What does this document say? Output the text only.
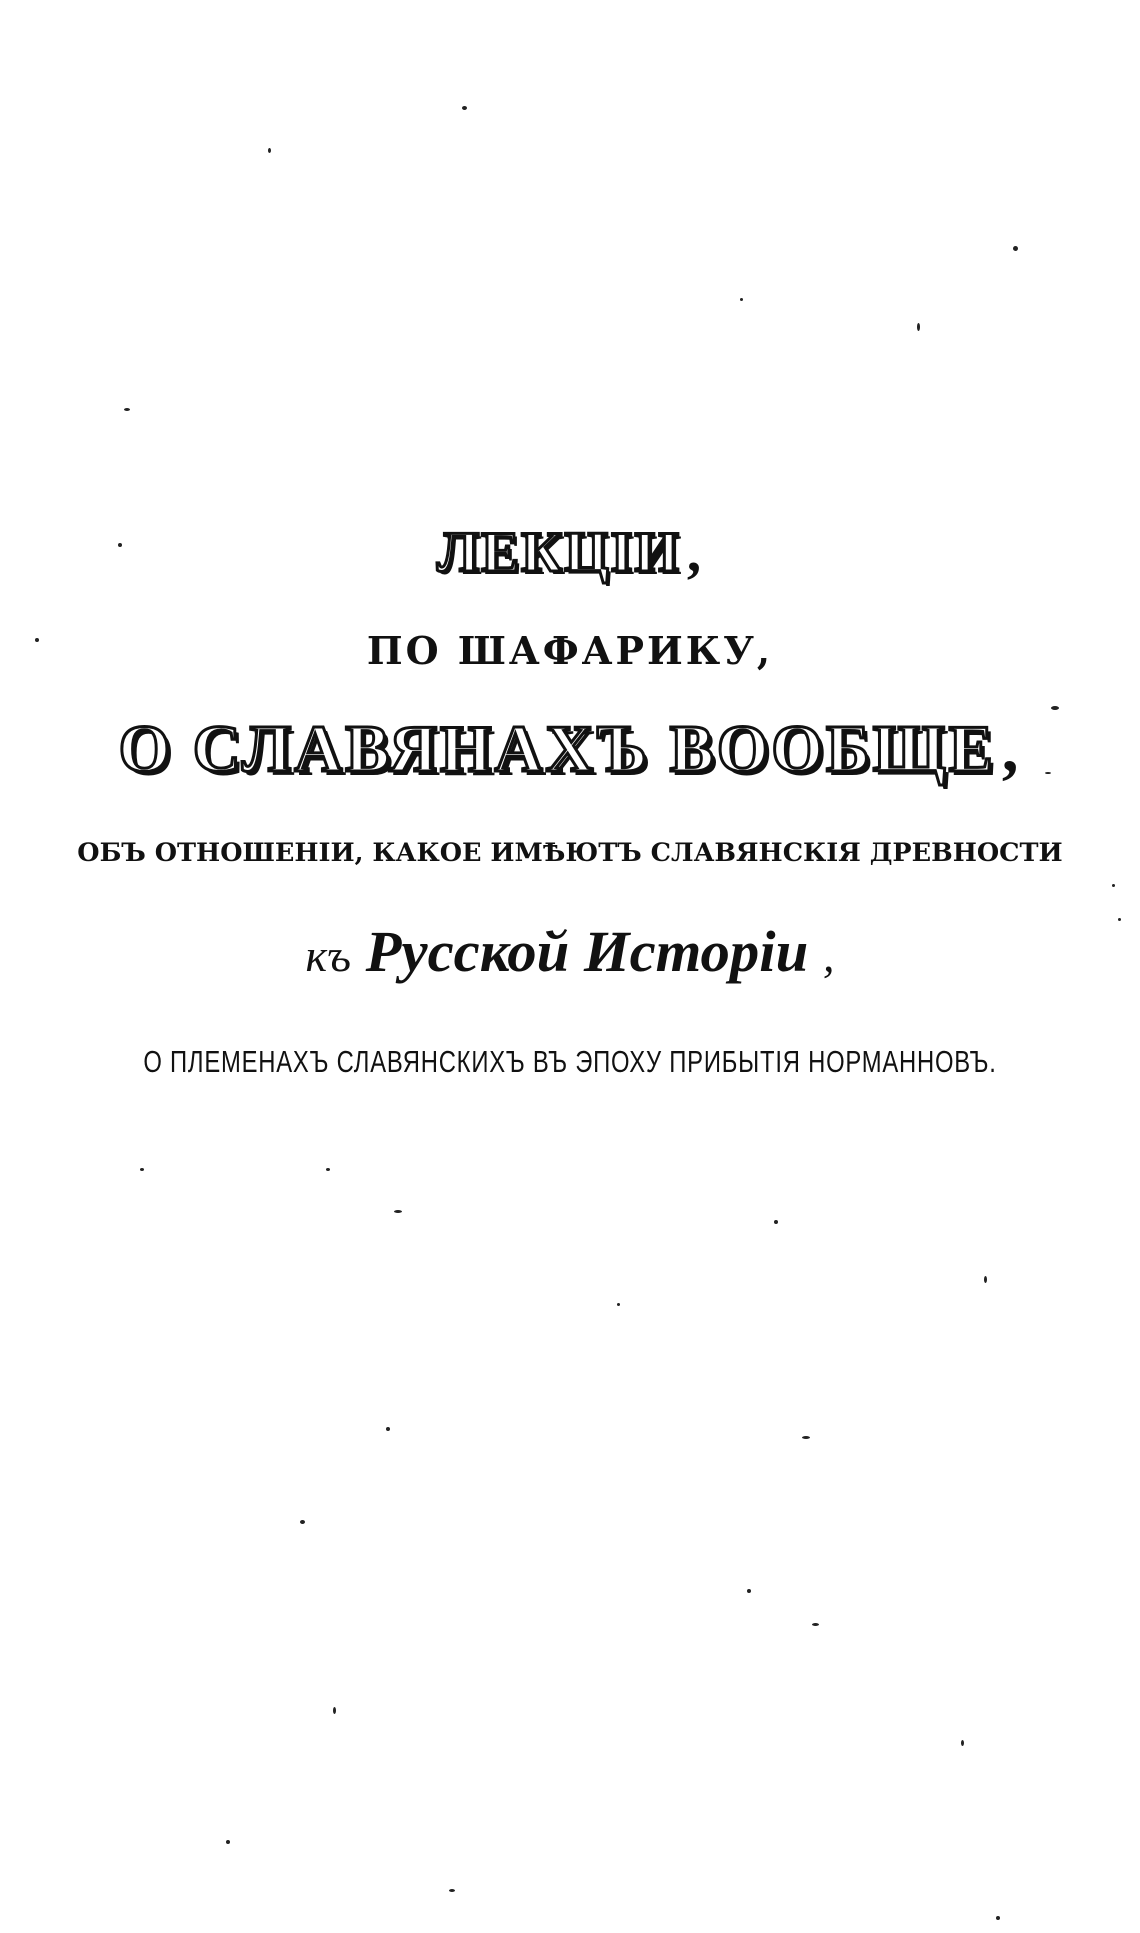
ЛЕКЦІИ ,
ПО ШАФАРИКУ,
О СЛАВЯНАХЪ ВООБЩЕ,
ОБЪ ОТНОШЕНІИ, КАКОЕ ИМѢЮТЪ СЛАВЯНСКІЯ ДРЕВНОСТИ
къ Русской Исторіи ,
О ПЛЕМЕНАХЪ СЛАВЯНСКИХЪ ВЪ ЭПОХУ ПРИБЫТІЯ НОРМАННОВЪ.
